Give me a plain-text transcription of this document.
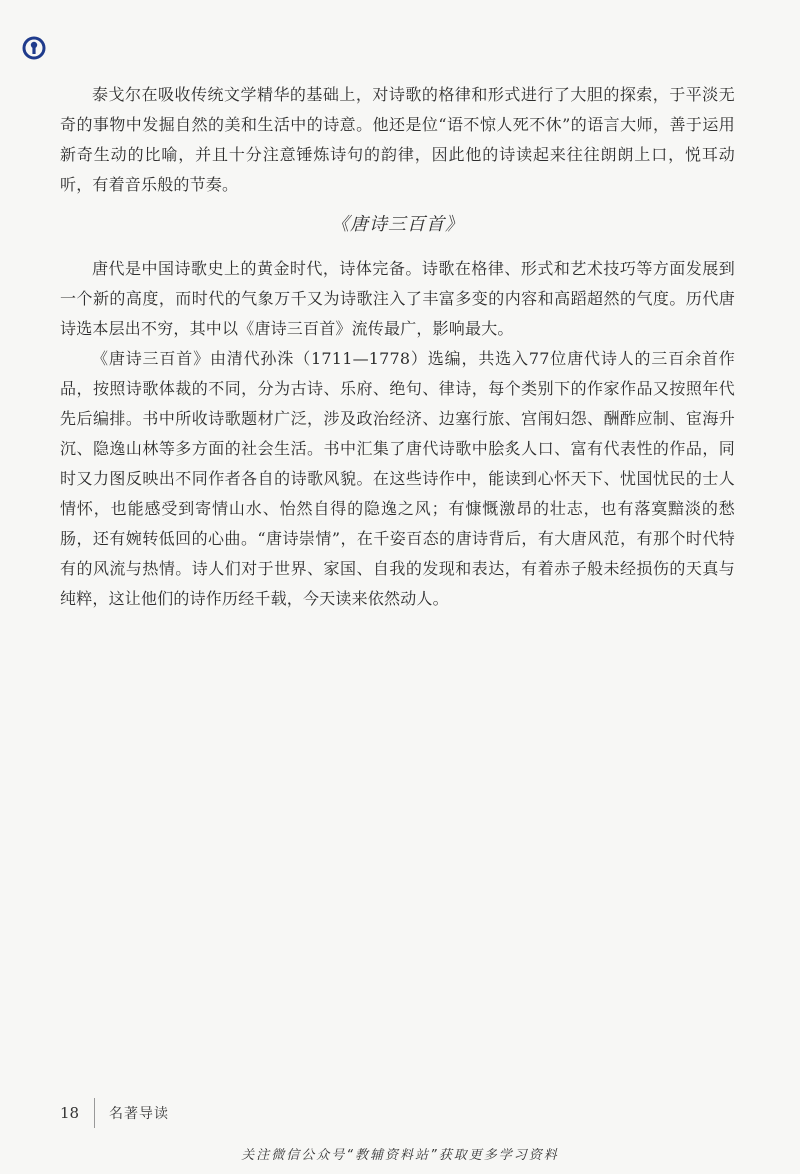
泰戈尔在吸收传统文学精华的基础上，对诗歌的格律和形式进行了大胆的探索，于平淡无奇的事物中发掘自然的美和生活中的诗意。他还是位“语不惊人死不休”的语言大师，善于运用新奇生动的比喻，并且十分注意锤炼诗句的韵律，因此他的诗读起来往往朗朗上口，悦耳动听，有着音乐般的节奏。

《唐诗三百首》

唐代是中国诗歌史上的黄金时代，诗体完备。诗歌在格律、形式和艺术技巧等方面发展到一个新的高度，而时代的气象万千又为诗歌注入了丰富多变的内容和高蹈超然的气度。历代唐诗选本层出不穷，其中以《唐诗三百首》流传最广，影响最大。

《唐诗三百首》由清代孙洙（1711—1778）选编，共选入77位唐代诗人的三百余首作品，按照诗歌体裁的不同，分为古诗、乐府、绝句、律诗，每个类别下的作家作品又按照年代先后编排。书中所收诗歌题材广泛，涉及政治经济、边塞行旅、宫闱妇怨、酬酢应制、宦海升沉、隐逸山林等多方面的社会生活。书中汇集了唐代诗歌中脍炙人口、富有代表性的作品，同时又力图反映出不同作者各自的诗歌风貌。在这些诗作中，能读到心怀天下、忧国忧民的士人情怀，也能感受到寄情山水、怡然自得的隐逸之风；有慷慨激昂的壮志，也有落寞黯淡的愁肠，还有婉转低回的心曲。“唐诗崇情”，在千姿百态的唐诗背后，有大唐风范，有那个时代特有的风流与热情。诗人们对于世界、家国、自我的发现和表达，有着赤子般未经损伤的天真与纯粹，这让他们的诗作历经千载，今天读来依然动人。

18	名著导读
关注微信公众号“教辅资料站”获取更多学习资料
